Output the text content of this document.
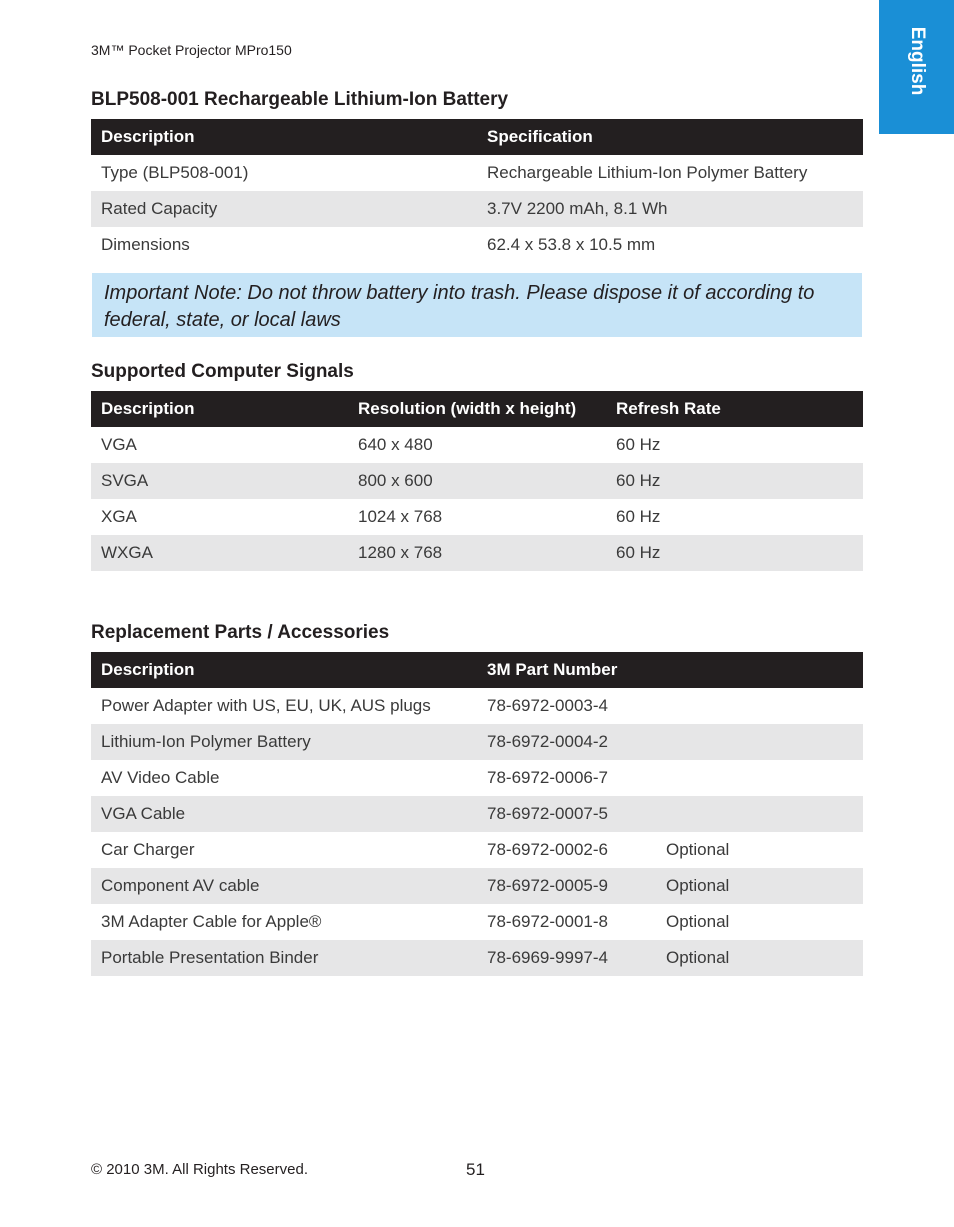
3M™ Pocket Projector MPro150	English
BLP508-001 Rechargeable Lithium-Ion Battery
Description	Specification
Type (BLP508-001)	Rechargeable Lithium-Ion Polymer Battery
Rated Capacity	3.7V 2200 mAh, 8.1 Wh
Dimensions	62.4 x 53.8 x 10.5 mm
Important Note: Do not throw battery into trash. Please dispose it of according to federal, state, or local laws
Supported Computer Signals
Description	Resolution (width x height)	Refresh Rate
VGA	640 x 480	60 Hz
SVGA	800 x 600	60 Hz
XGA	1024 x 768	60 Hz
WXGA	1280 x 768	60 Hz
Replacement Parts / Accessories
Description	3M Part Number	
Power Adapter with US, EU, UK, AUS plugs	78-6972-0003-4	
Lithium-Ion Polymer Battery	78-6972-0004-2	
AV Video Cable	78-6972-0006-7	
VGA Cable	78-6972-0007-5	
Car Charger	78-6972-0002-6	Optional
Component AV cable	78-6972-0005-9	Optional
3M Adapter Cable for Apple®	78-6972-0001-8	Optional
Portable Presentation Binder	78-6969-9997-4	Optional
© 2010 3M. All Rights Reserved.	51
